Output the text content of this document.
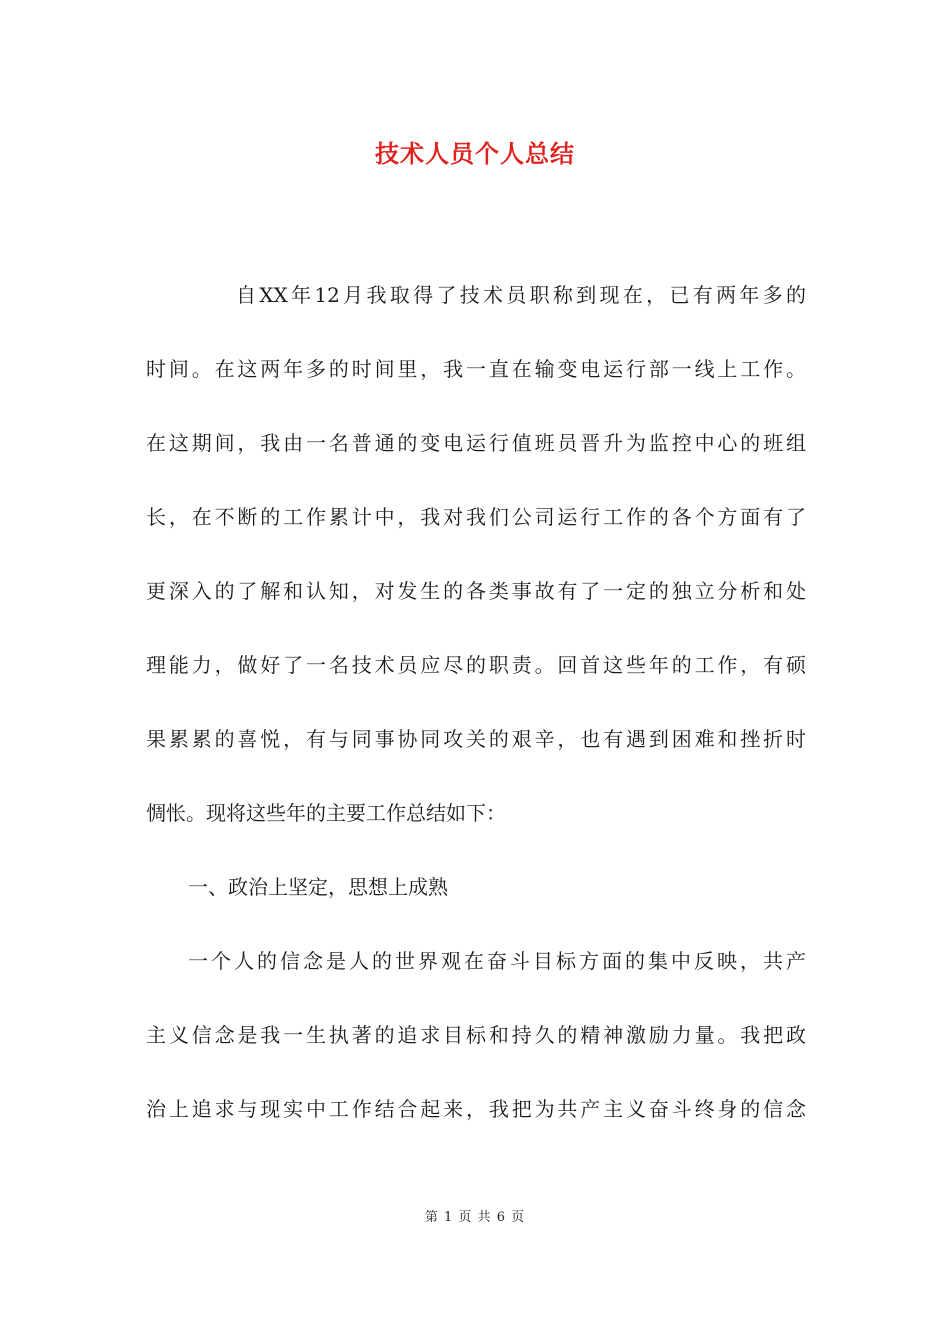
技术人员个人总结
自XX年12月我取得了技术员职称到现在，已有两年多的
时间。在这两年多的时间里，我一直在输变电运行部一线上工作。
在这期间，我由一名普通的变电运行值班员晋升为监控中心的班组
长，在不断的工作累计中，我对我们公司运行工作的各个方面有了
更深入的了解和认知，对发生的各类事故有了一定的独立分析和处
理能力，做好了一名技术员应尽的职责。回首这些年的工作，有硕
果累累的喜悦，有与同事协同攻关的艰辛，也有遇到困难和挫折时
惆怅。现将这些年的主要工作总结如下：
一、政治上坚定，思想上成熟
一个人的信念是人的世界观在奋斗目标方面的集中反映，共产
主义信念是我一生执著的追求目标和持久的精神激励力量。我把政
治上追求与现实中工作结合起来，我把为共产主义奋斗终身的信念
第 1 页 共 6 页
